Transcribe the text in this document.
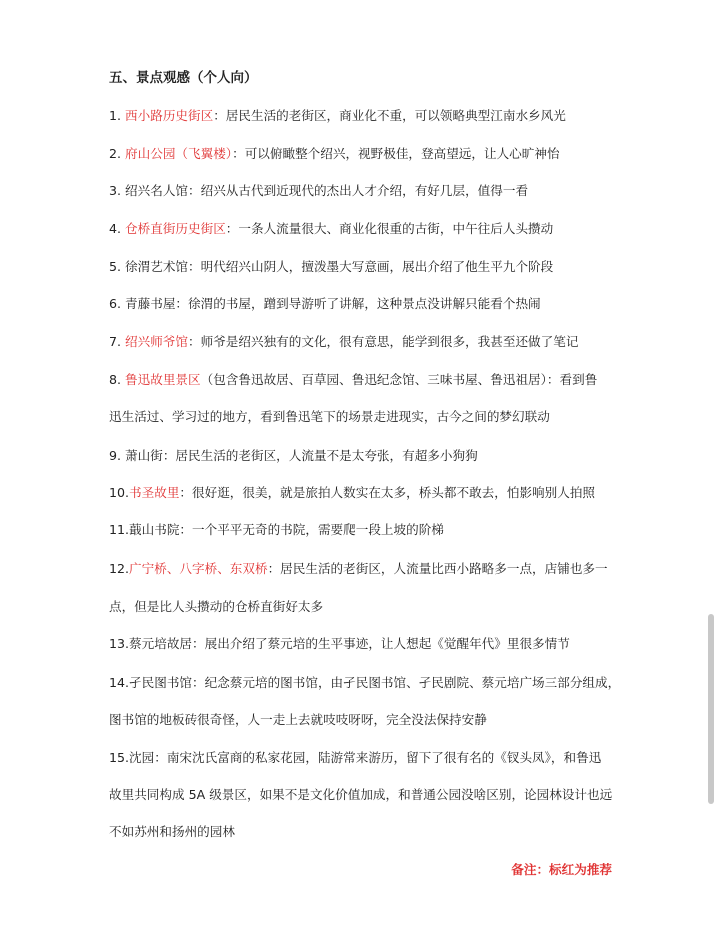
五、景点观感（个人向）
1. 西小路历史街区：居民生活的老街区，商业化不重，可以领略典型江南水乡风光
2. 府山公园（飞翼楼）：可以俯瞰整个绍兴，视野极佳，登高望远，让人心旷神怡
3. 绍兴名人馆：绍兴从古代到近现代的杰出人才介绍，有好几层，值得一看
4. 仓桥直街历史街区：一条人流量很大、商业化很重的古街，中午往后人头攒动
5. 徐渭艺术馆：明代绍兴山阴人，擅泼墨大写意画，展出介绍了他生平九个阶段
6. 青藤书屋：徐渭的书屋，蹭到导游听了讲解，这种景点没讲解只能看个热闹
7. 绍兴师爷馆：师爷是绍兴独有的文化，很有意思，能学到很多，我甚至还做了笔记
8. 鲁迅故里景区（包含鲁迅故居、百草园、鲁迅纪念馆、三味书屋、鲁迅祖居）：看到鲁
迅生活过、学习过的地方，看到鲁迅笔下的场景走进现实，古今之间的梦幻联动
9. 萧山街：居民生活的老街区，人流量不是太夸张，有超多小狗狗
10.书圣故里：很好逛，很美，就是旅拍人数实在太多，桥头都不敢去，怕影响别人拍照
11.蕺山书院：一个平平无奇的书院，需要爬一段上坡的阶梯
12.广宁桥、八字桥、东双桥：居民生活的老街区，人流量比西小路略多一点，店铺也多一
点，但是比人头攒动的仓桥直街好太多
13.蔡元培故居：展出介绍了蔡元培的生平事迹，让人想起《觉醒年代》里很多情节
14.孑民图书馆：纪念蔡元培的图书馆，由孑民图书馆、孑民剧院、蔡元培广场三部分组成，
图书馆的地板砖很奇怪，人一走上去就吱吱呀呀，完全没法保持安静
15.沈园：南宋沈氏富商的私家花园，陆游常来游历，留下了很有名的《钗头凤》，和鲁迅
故里共同构成 5A 级景区，如果不是文化价值加成，和普通公园没啥区别，论园林设计也远
不如苏州和扬州的园林
备注：标红为推荐
